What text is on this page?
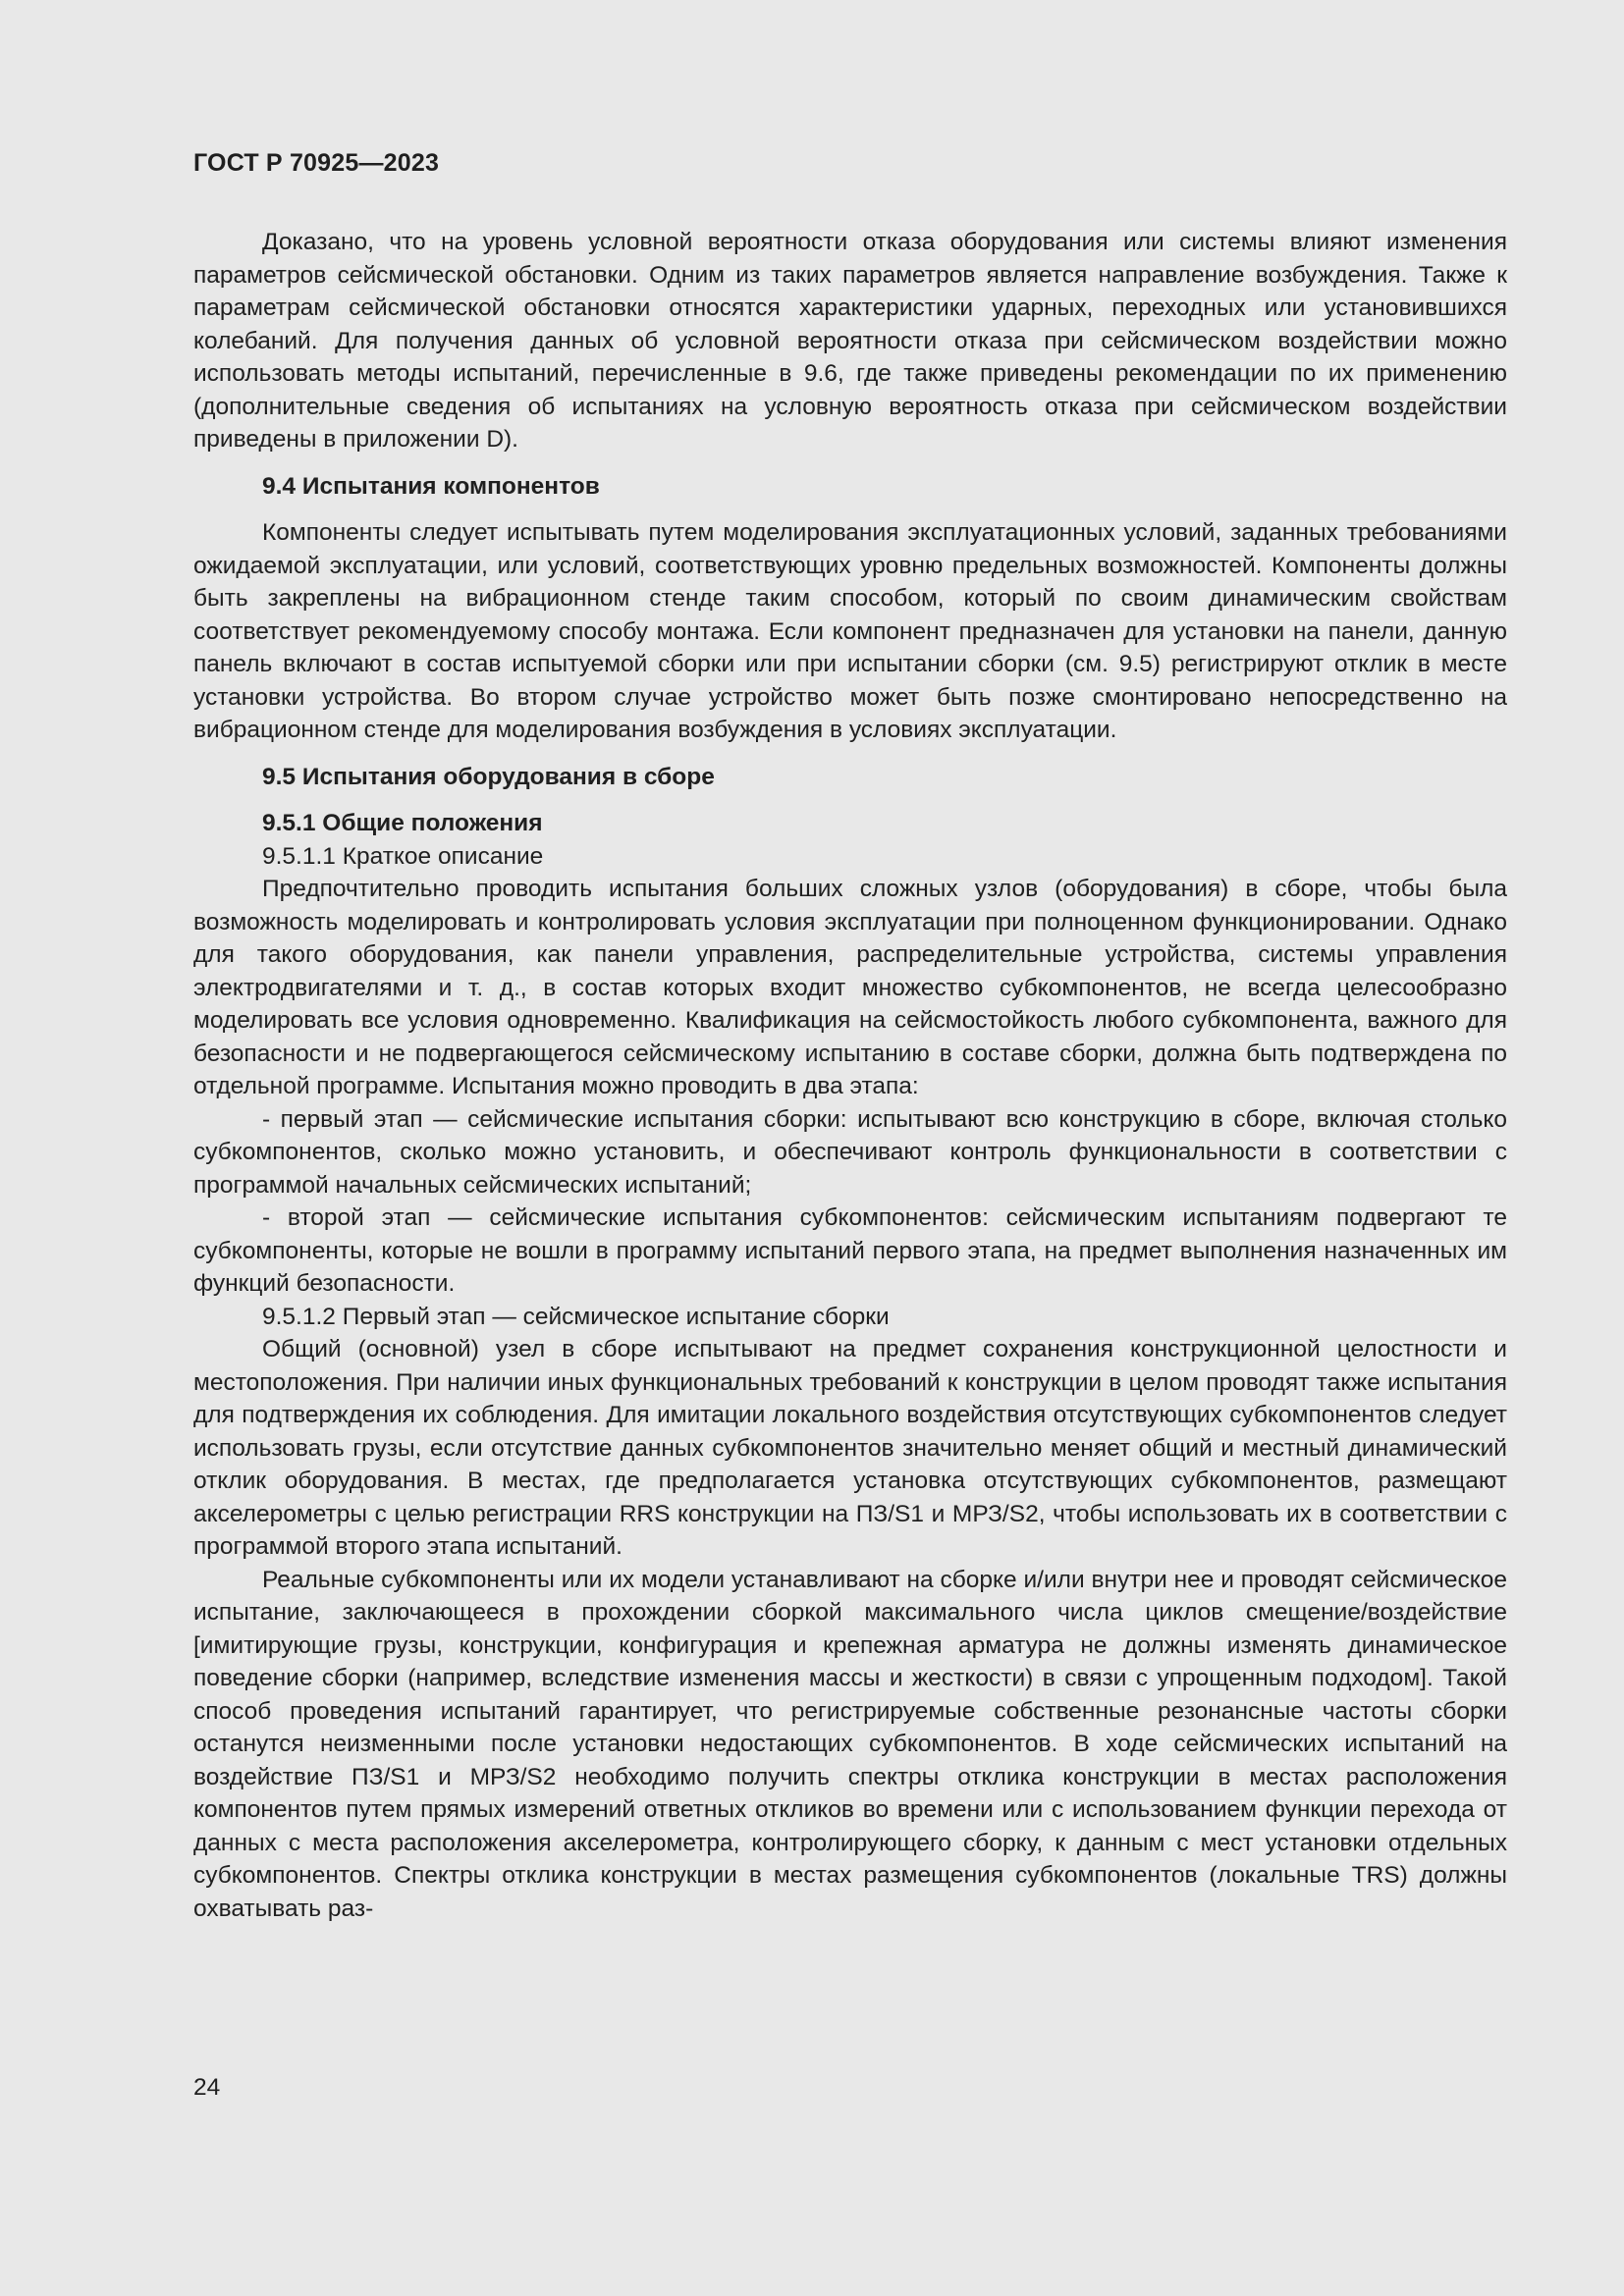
ГОСТ Р 70925—2023

Доказано, что на уровень условной вероятности отказа оборудования или системы влияют изменения параметров сейсмической обстановки. Одним из таких параметров является направление возбуждения. Также к параметрам сейсмической обстановки относятся характеристики ударных, переходных или установившихся колебаний. Для получения данных об условной вероятности отказа при сейсмическом воздействии можно использовать методы испытаний, перечисленные в 9.6, где также приведены рекомендации по их применению (дополнительные сведения об испытаниях на условную вероятность отказа при сейсмическом воздействии приведены в приложении D).

9.4 Испытания компонентов

Компоненты следует испытывать путем моделирования эксплуатационных условий, заданных требованиями ожидаемой эксплуатации, или условий, соответствующих уровню предельных возможностей. Компоненты должны быть закреплены на вибрационном стенде таким способом, который по своим динамическим свойствам соответствует рекомендуемому способу монтажа. Если компонент предназначен для установки на панели, данную панель включают в состав испытуемой сборки или при испытании сборки (см. 9.5) регистрируют отклик в месте установки устройства. Во втором случае устройство может быть позже смонтировано непосредственно на вибрационном стенде для моделирования возбуждения в условиях эксплуатации.

9.5 Испытания оборудования в сборе

9.5.1 Общие положения

9.5.1.1 Краткое описание

Предпочтительно проводить испытания больших сложных узлов (оборудования) в сборе, чтобы была возможность моделировать и контролировать условия эксплуатации при полноценном функционировании. Однако для такого оборудования, как панели управления, распределительные устройства, системы управления электродвигателями и т. д., в состав которых входит множество субкомпонентов, не всегда целесообразно моделировать все условия одновременно. Квалификация на сейсмостойкость любого субкомпонента, важного для безопасности и не подвергающегося сейсмическому испытанию в составе сборки, должна быть подтверждена по отдельной программе. Испытания можно проводить в два этапа:

- первый этап — сейсмические испытания сборки: испытывают всю конструкцию в сборе, включая столько субкомпонентов, сколько можно установить, и обеспечивают контроль функциональности в соответствии с программой начальных сейсмических испытаний;

- второй этап — сейсмические испытания субкомпонентов: сейсмическим испытаниям подвергают те субкомпоненты, которые не вошли в программу испытаний первого этапа, на предмет выполнения назначенных им функций безопасности.

9.5.1.2 Первый этап — сейсмическое испытание сборки

Общий (основной) узел в сборе испытывают на предмет сохранения конструкционной целостности и местоположения. При наличии иных функциональных требований к конструкции в целом проводят также испытания для подтверждения их соблюдения. Для имитации локального воздействия отсутствующих субкомпонентов следует использовать грузы, если отсутствие данных субкомпонентов значительно меняет общий и местный динамический отклик оборудования. В местах, где предполагается установка отсутствующих субкомпонентов, размещают акселерометры с целью регистрации RRS конструкции на ПЗ/S1 и МРЗ/S2, чтобы использовать их в соответствии с программой второго этапа испытаний.

Реальные субкомпоненты или их модели устанавливают на сборке и/или внутри нее и проводят сейсмическое испытание, заключающееся в прохождении сборкой максимального числа циклов смещение/воздействие [имитирующие грузы, конструкции, конфигурация и крепежная арматура не должны изменять динамическое поведение сборки (например, вследствие изменения массы и жесткости) в связи с упрощенным подходом]. Такой способ проведения испытаний гарантирует, что регистрируемые собственные резонансные частоты сборки останутся неизменными после установки недостающих субкомпонентов. В ходе сейсмических испытаний на воздействие ПЗ/S1 и МРЗ/S2 необходимо получить спектры отклика конструкции в местах расположения компонентов путем прямых измерений ответных откликов во времени или с использованием функции перехода от данных с места расположения акселерометра, контролирующего сборку, к данным с мест установки отдельных субкомпонентов. Спектры отклика конструкции в местах размещения субкомпонентов (локальные TRS) должны охватывать раз-

24
